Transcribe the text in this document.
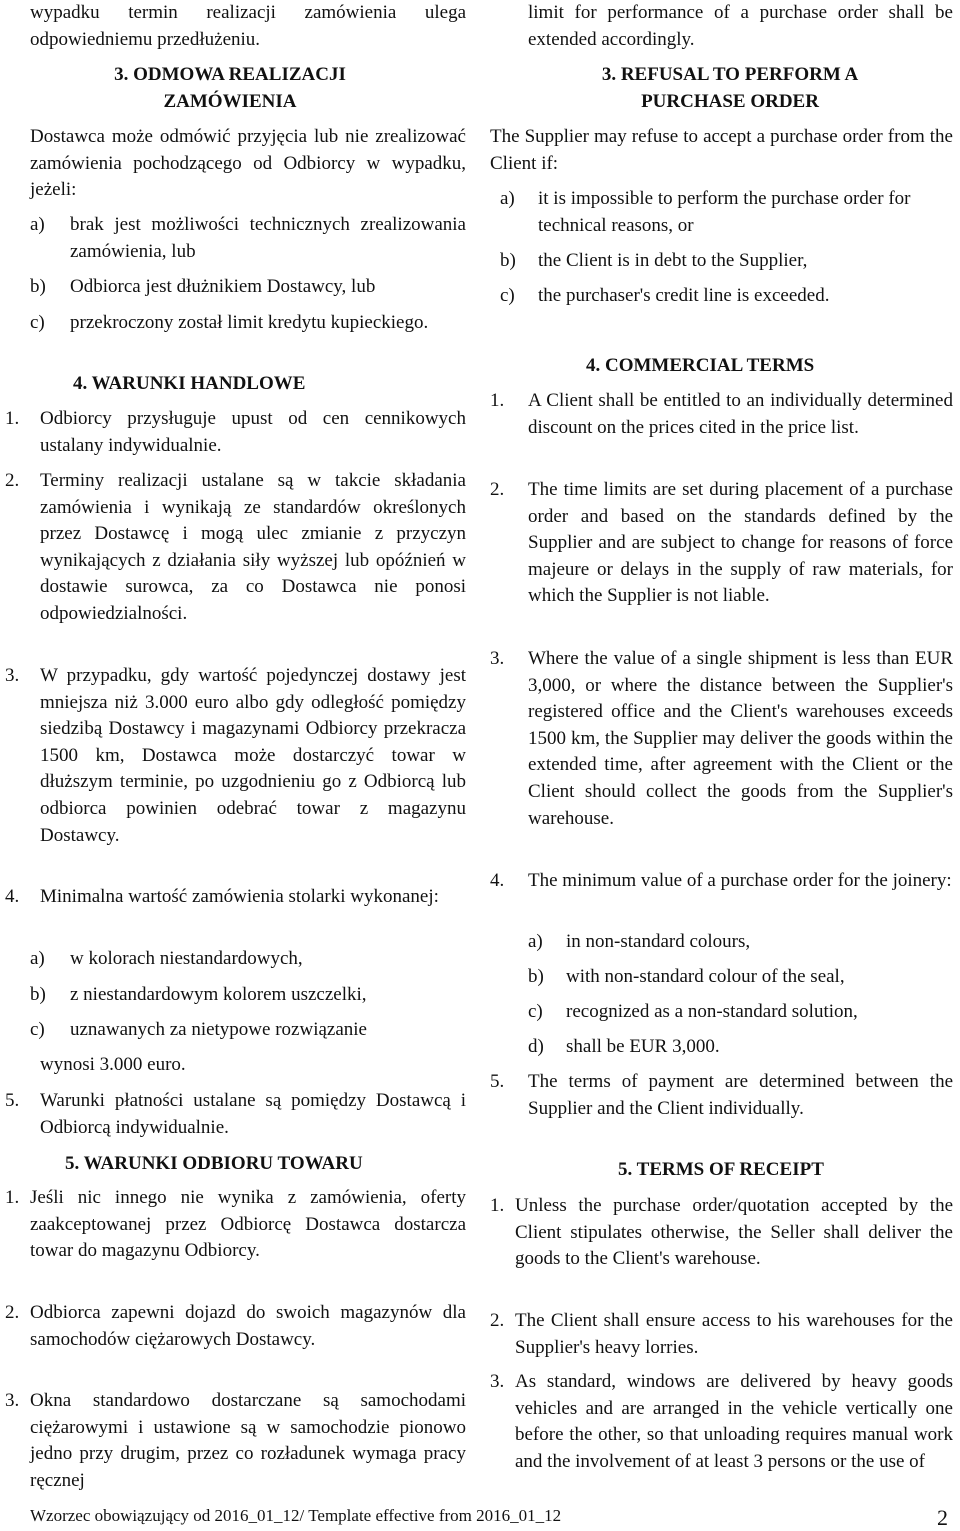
wypadku termin realizacji zamówienia ulega odpowiedniemu przedłużeniu.

3. ODMOWA REALIZACJI ZAMÓWIENIA

Dostawca może odmówić przyjęcia lub nie zrealizować zamówienia pochodzącego od Odbiorcy w wypadku, jeżeli:

a) brak jest możliwości technicznych zrealizowania zamówienia, lub

b) Odbiorca jest dłużnikiem Dostawcy, lub

c) przekroczony został limit kredytu kupieckiego.

4. WARUNKI HANDLOWE
1. Odbiorcy przysługuje upust od cen cennikowych ustalany indywidualnie.

2. Terminy realizacji ustalane są w takcie składania zamówienia i wynikają ze standardów określonych przez Dostawcę i mogą ulec zmianie z przyczyn wynikających z działania siły wyższej lub opóźnień w dostawie surowca, za co Dostawca nie ponosi odpowiedzialności.

3. W przypadku, gdy wartość pojedynczej dostawy jest mniejsza niż 3.000 euro albo gdy odległość pomiędzy siedzibą Dostawcy i magazynami Odbiorcy przekracza 1500 km, Dostawca może dostarczyć towar w dłuższym terminie, po uzgodnieniu go z Odbiorcą lub odbiorca powinien odebrać towar z magazynu Dostawcy.

4. Minimalna wartość zamówienia stolarki wykonanej:

a) w kolorach niestandardowych,

b) z niestandardowym kolorem uszczelki,

c) uznawanych za nietypowe rozwiązanie

wynosi 3.000 euro.

5. Warunki płatności ustalane są pomiędzy Dostawcą i Odbiorcą indywidualnie.

5. WARUNKI ODBIORU TOWARU
1. Jeśli nic innego nie wynika z zamówienia, oferty zaakceptowanej przez Odbiorcę Dostawca dostarcza towar do magazynu Odbiorcy.

2. Odbiorca zapewni dojazd do swoich magazynów dla samochodów ciężarowych Dostawcy.

3. Okna standardowo dostarczane są samochodami ciężarowymi i ustawione są w samochodzie pionowo jedno przy drugim, przez co rozładunek wymaga pracy ręcznej

limit for performance of a purchase order shall be extended accordingly.

3. REFUSAL TO PERFORM A PURCHASE ORDER

The Supplier may refuse to accept a purchase order from the Client if:

a) it is impossible to perform the purchase order for technical reasons, or

b) the Client is in debt to the Supplier,

c) the purchaser's credit line is exceeded.

4. COMMERCIAL TERMS
1. A Client shall be entitled to an individually determined discount on the prices cited in the price list.

2. The time limits are set during placement of a purchase order and based on the standards defined by the Supplier and are subject to change for reasons of force majeure or delays in the supply of raw materials, for which the Supplier is not liable.

3. Where the value of a single shipment is less than EUR 3,000, or where the distance between the Supplier's registered office and the Client's warehouses exceeds 1500 km, the Supplier may deliver the goods within the extended time, after agreement with the Client or the Client should collect the goods from the Supplier's warehouse.

4. The minimum value of a purchase order for the joinery:

a) in non-standard colours,

b) with non-standard colour of the seal,

c) recognized as a non-standard solution,

d) shall be EUR 3,000.

5. The terms of payment are determined between the Supplier and the Client individually.

5. TERMS OF RECEIPT
1. Unless the purchase order/quotation accepted by the Client stipulates otherwise, the Seller shall deliver the goods to the Client's warehouse.

2. The Client shall ensure access to his warehouses for the Supplier's heavy lorries.

3. As standard, windows are delivered by heavy goods vehicles and are arranged in the vehicle vertically one before the other, so that unloading requires manual work and the involvement of at least 3 persons or the use of

Wzorzec obowiązujący od 2016_01_12/ Template effective from 2016_01_12	2
